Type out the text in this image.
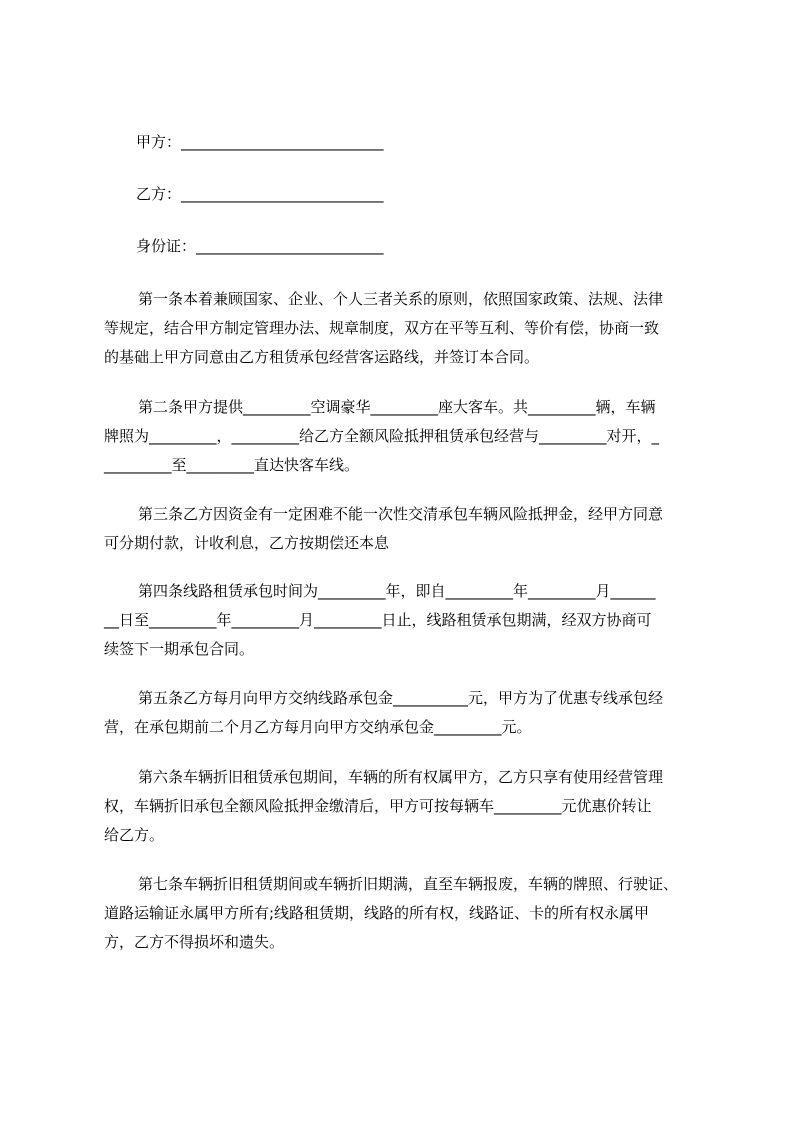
甲方：___________________________
乙方：___________________________
身份证：_________________________
第一条本着兼顾国家、企业、个人三者关系的原则，依照国家政策、法规、法律
等规定，结合甲方制定管理办法、规章制度，双方在平等互利、等价有偿，协商一致
的基础上甲方同意由乙方租赁承包经营客运路线，并签订本合同。
第二条甲方提供_________空调豪华_________座大客车。共_________辆，车辆
牌照为_________，_________给乙方全额风险抵押租赁承包经营与_________对开，_
_________至_________直达快客车线。
第三条乙方因资金有一定困难不能一次性交清承包车辆风险抵押金，经甲方同意
可分期付款，计收利息，乙方按期偿还本息
第四条线路租赁承包时间为_________年，即自_________年_________月______
__日至_________年_________月_________日止，线路租赁承包期满，经双方协商可
续签下一期承包合同。
第五条乙方每月向甲方交纳线路承包金__________元，甲方为了优惠专线承包经
营，在承包期前二个月乙方每月向甲方交纳承包金_________元。
第六条车辆折旧租赁承包期间，车辆的所有权属甲方，乙方只享有使用经营管理
权，车辆折旧承包全额风险抵押金缴清后，甲方可按每辆车_________元优惠价转让
给乙方。
第七条车辆折旧租赁期间或车辆折旧期满，直至车辆报废，车辆的牌照、行驶证、
道路运输证永属甲方所有;线路租赁期，线路的所有权，线路证、卡的所有权永属甲
方，乙方不得损坏和遗失。
